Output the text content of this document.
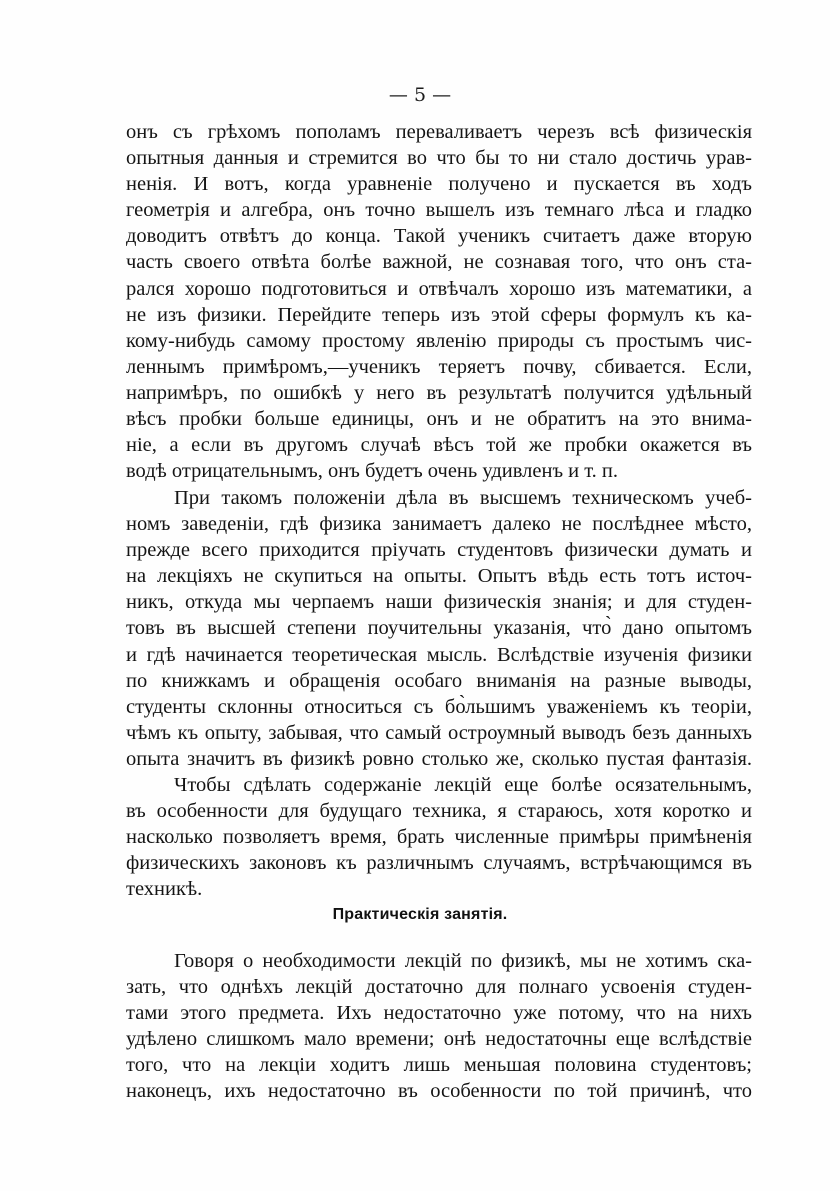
— 5 —
онъ съ грѣхомъ пополамъ переваливаетъ черезъ всѣ физическія
опытныя данныя и стремится во что бы то ни стало достичь урав-
ненія. И вотъ, когда уравненіе получено и пускается въ ходъ
геометрія и алгебра, онъ точно вышелъ изъ темнаго лѣса и гладко
доводитъ отвѣтъ до конца. Такой ученикъ считаетъ даже вторую
часть своего отвѣта болѣе важной, не сознавая того, что онъ ста-
рался хорошо подготовиться и отвѣчалъ хорошо изъ математики, а
не изъ физики. Перейдите теперь изъ этой сферы формулъ къ ка-
кому-нибудь самому простому явленію природы съ простымъ чис-
леннымъ примѣромъ,—ученикъ теряетъ почву, сбивается. Если,
напримѣръ, по ошибкѣ у него въ результатѣ получится удѣльный
вѣсъ пробки больше единицы, онъ и не обратитъ на это внима-
ніе, а если въ другомъ случаѣ вѣсъ той же пробки окажется въ
водѣ отрицательнымъ, онъ будетъ очень удивленъ и т. п.
При такомъ положеніи дѣла въ высшемъ техническомъ учеб-
номъ заведеніи, гдѣ физика занимаетъ далеко не послѣднее мѣсто,
прежде всего приходится пріучать студентовъ физически думать и
на лекціяхъ не скупиться на опыты. Опытъ вѣдь есть тотъ источ-
никъ, откуда мы черпаемъ наши физическія знанія; и для студен-
товъ въ высшей степени поучительны указанія, что̀ дано опытомъ
и гдѣ начинается теоретическая мысль. Вслѣдствіе изученія физики
по книжкамъ и обращенія особаго вниманія на разные выводы,
студенты склонны относиться съ бо̀льшимъ уваженіемъ къ теоріи,
чѣмъ къ опыту, забывая, что самый остроумный выводъ безъ данныхъ
опыта значитъ въ физикѣ ровно столько же, сколько пустая фантазія.
Чтобы сдѣлать содержаніе лекцій еще болѣе осязательнымъ,
въ особенности для будущаго техника, я стараюсь, хотя коротко и
насколько позволяетъ время, брать численные примѣры примѣненія
физическихъ законовъ къ различнымъ случаямъ, встрѣчающимся въ
техникѣ.
Практическія занятія.
Говоря о необходимости лекцій по физикѣ, мы не хотимъ ска-
зать, что однѣхъ лекцій достаточно для полнаго усвоенія студен-
тами этого предмета. Ихъ недостаточно уже потому, что на нихъ
удѣлено слишкомъ мало времени; онѣ недостаточны еще вслѣдствіе
того, что на лекціи ходитъ лишь меньшая половина студентовъ;
наконецъ, ихъ недостаточно въ особенности по той причинѣ, что
